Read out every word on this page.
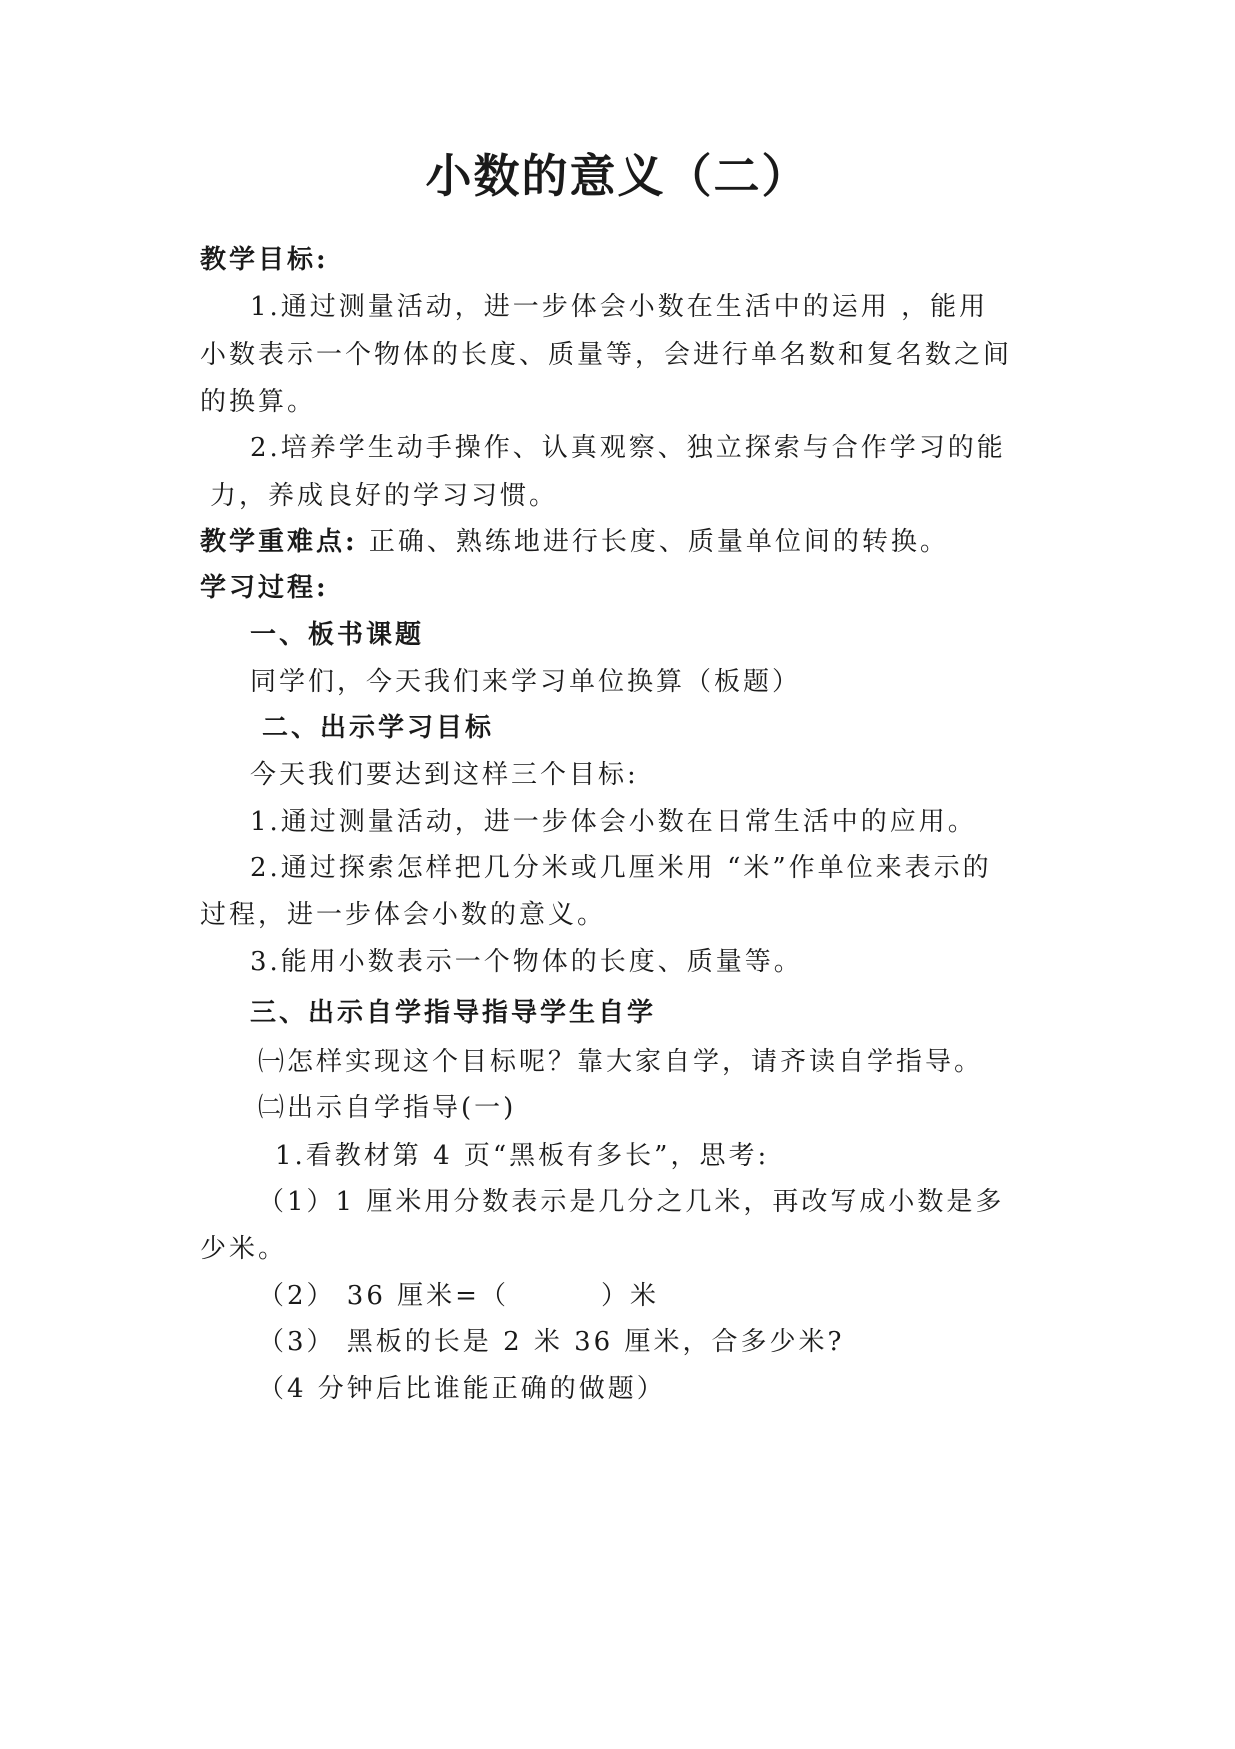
小数的意义（二）
教学目标:
1.通过测量活动，进一步体会小数在生活中的运用 ，能用
小数表示一个物体的长度、质量等，会进行单名数和复名数之间
的换算。
2.培养学生动手操作、认真观察、独立探索与合作学习的能
力，养成良好的学习习惯。
教学重难点: 正确、熟练地进行长度、质量单位间的转换。
学习过程:
一、板书课题
同学们，今天我们来学习单位换算（板题）
二、出示学习目标
今天我们要达到这样三个目标:
1.通过测量活动，进一步体会小数在日常生活中的应用。
2.通过探索怎样把几分米或几厘米用 “米”作单位来表示的
过程，进一步体会小数的意义。
3.能用小数表示一个物体的长度、质量等。
三、出示自学指导指导学生自学
㈠怎样实现这个目标呢？靠大家自学，请齐读自学指导。
㈡出示自学指导(一)
1.看教材第 4 页“黑板有多长”，思考:
（1）1 厘米用分数表示是几分之几米，再改写成小数是多
少米。
（2） 36 厘米=（	）米
（3） 黑板的长是 2 米 36 厘米，合多少米?
（4 分钟后比谁能正确的做题）
